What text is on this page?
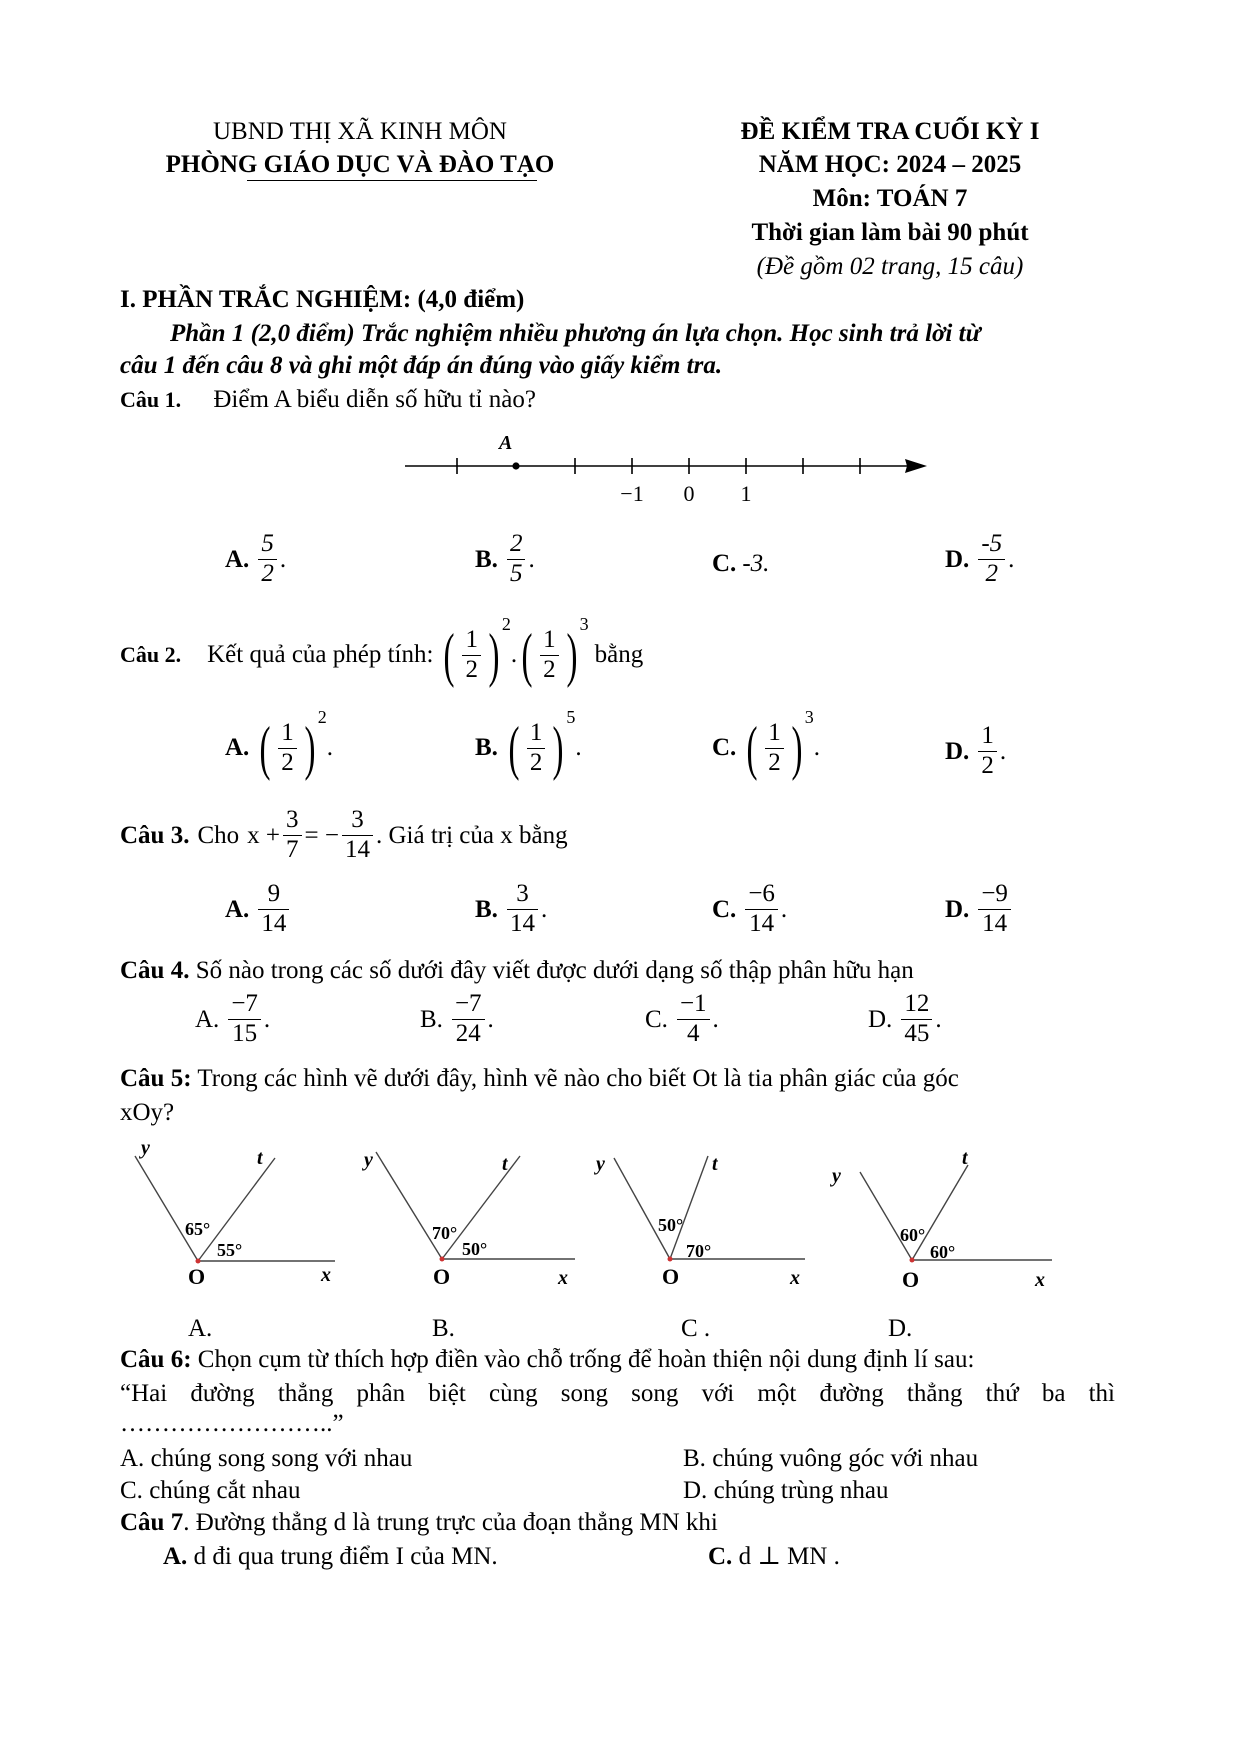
UBND THỊ XÃ KINH MÔN
PHÒNG GIÁO DỤC VÀ ĐÀO TẠO
ĐỀ KIỂM TRA CUỐI KỲ I
NĂM HỌC: 2024 – 2025
Môn: TOÁN 7
Thời gian làm bài 90 phút
(Đề gồm 02 trang, 15 câu)
I. PHẦN TRẮC NGHIỆM: (4,0 điểm)
Phần 1 (2,0 điểm) Trắc nghiệm nhiều phương án lựa chọn. Học sinh trả lời từ
câu 1 đến câu 8 và ghi một đáp án đúng vào giấy kiểm tra.
Câu 1. Điểm A biểu diễn số hữu tỉ nào?
A
−1 0 1
A. $\frac{5}{2}$ .	B. $\frac{2}{5}$ .	C. -3.	D. $\frac{-5}{2}$ .
Câu 2. Kết quả của phép tính: ( $\frac{1}{2}$ ) 2
. ( $\frac{1}{2}$ ) 3
bằng
A. ( $\frac{1}{2}$ ) 2
.	B. ( $\frac{1}{2}$ ) 5
.	C. ( $\frac{1}{2}$ ) 3
.	D. $\frac{1}{2}$ .
Câu 3. Cho $x + \frac{3}{7}$ = − $\frac{3}{14}$ . Giá trị của x bằng
A. $\frac{9}{14}$	B. $\frac{3}{14}$ .	C. $\frac{-6}{14}$ .	D. $\frac{-9}{14}$
Câu 4. Số nào trong các số dưới đây viết được dưới dạng số thập phân hữu hạn
A. $\frac{-7}{15}$ .	B. $\frac{-7}{24}$ .	C. $\frac{-1}{4}$ .	D. $\frac{12}{45}$ .
Câu 5: Trong các hình vẽ dưới đây, hình vẽ nào cho biết Ot là tia phân giác của góc
xOy?
y	t
65°
55°
O	x
A.
y	t
70°
50°
O	x
B.
y	t
50°
70°
O	x
C .
y
t
60°
60°
O	x
D.
Câu 6: Chọn cụm từ thích hợp điền vào chỗ trống để hoàn thiện nội dung định lí sau:
“Hai đường thẳng phân biệt cùng song song với một đường thẳng thứ ba thì
……………………..”
A. chúng song song với nhau	B. chúng vuông góc với nhau
C. chúng cắt nhau	D. chúng trùng nhau
Câu 7. Đường thẳng d là trung trực của đoạn thẳng MN khi
A. d đi qua trung điểm I của MN.	C. d ⊥ MN .
